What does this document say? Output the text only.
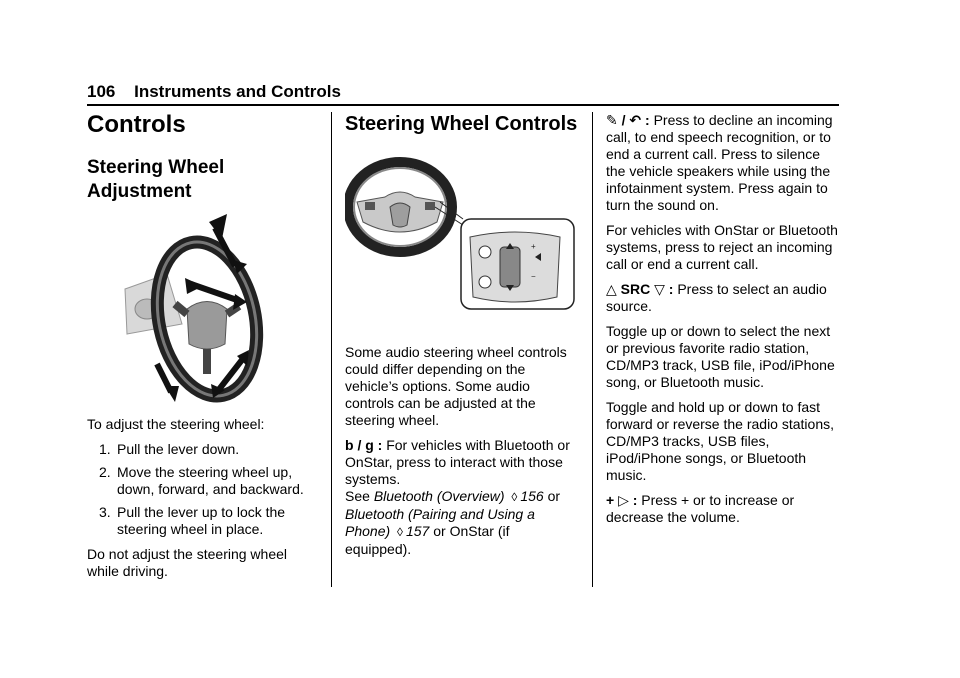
106 Instruments and Controls
Controls
Steering Wheel Adjustment

To adjust the steering wheel:

1. Pull the lever down.
2. Move the steering wheel up, down, forward, and backward.
3. Pull the lever up to lock the steering wheel in place.

Do not adjust the steering wheel while driving.

Steering Wheel Controls
+
−

Some audio steering wheel controls could differ depending on the vehicle’s options. Some audio controls can be adjusted at the steering wheel.

b / g : For vehicles with Bluetooth or OnStar, press to interact with those systems.
See Bluetooth (Overview) ◊ 156 or Bluetooth (Pairing and Using a Phone) ◊ 157 or OnStar (if equipped).

✎ / ↶ : Press to decline an incoming call, to end speech recognition, or to end a current call. Press to silence the vehicle speakers while using the infotainment system. Press again to turn the sound on.

For vehicles with OnStar or Bluetooth systems, press to reject an incoming call or end a current call.

△ SRC ▽ : Press to select an audio source.

Toggle up or down to select the next or previous favorite radio station, CD/MP3 track, USB file, iPod/iPhone song, or Bluetooth music.

Toggle and hold up or down to fast forward or reverse the radio stations, CD/MP3 tracks, USB files, iPod/iPhone songs, or Bluetooth music.

+ ▷ : Press + or to increase or decrease the volume.
